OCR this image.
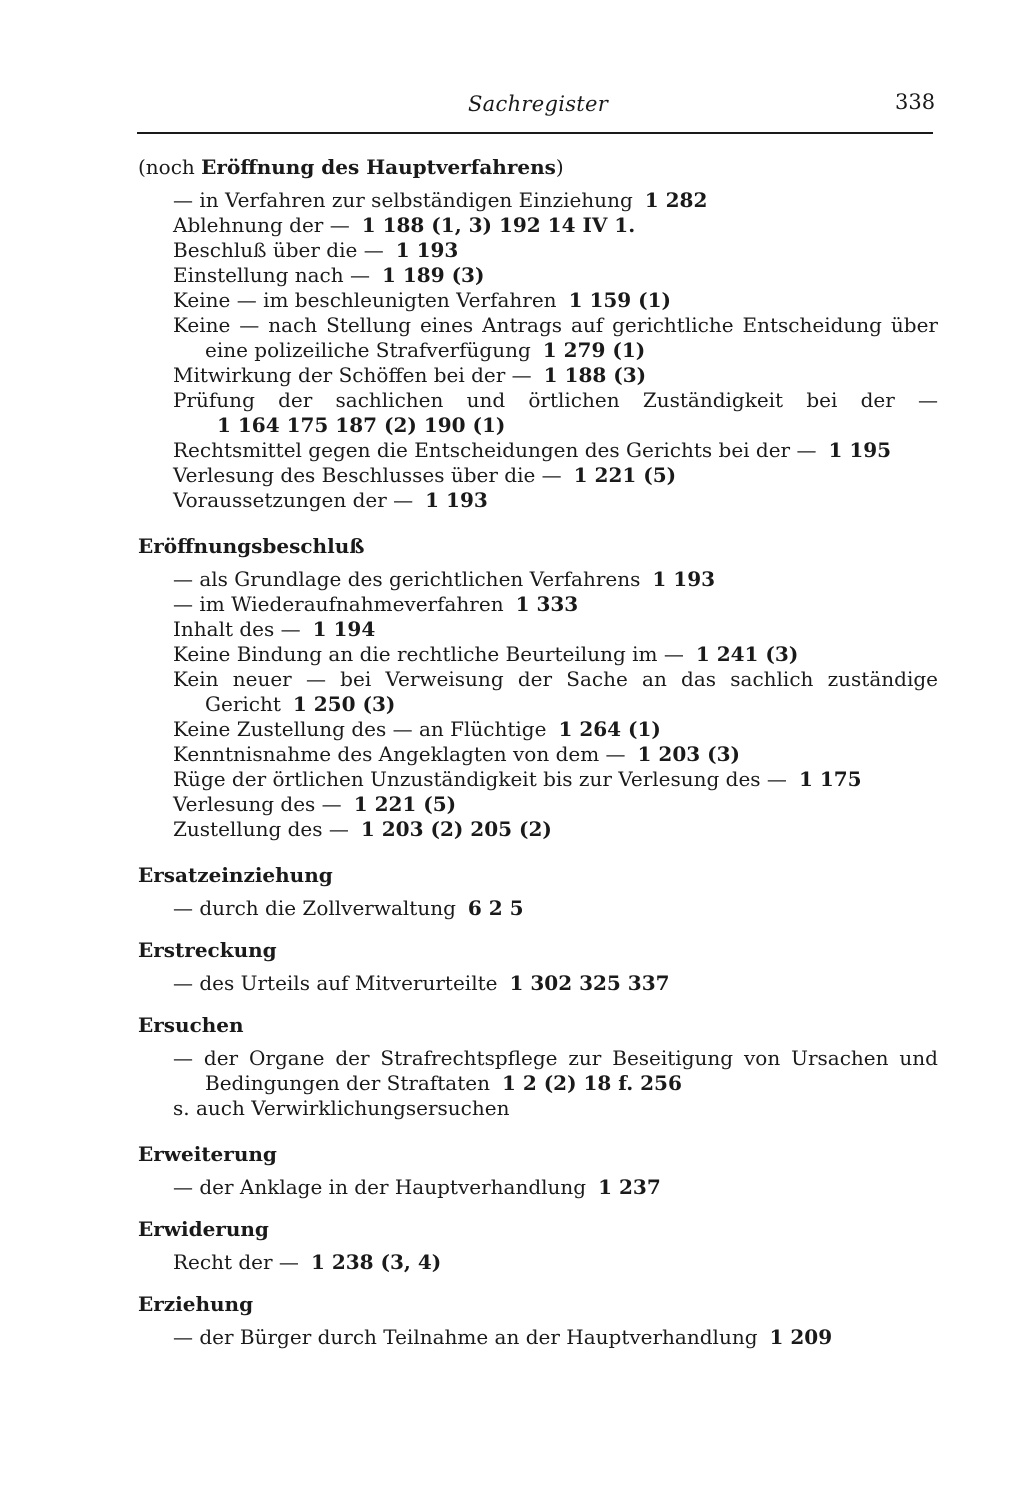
Sachregister	338
(noch Eröffnung des Hauptverfahrens)
— in Verfahren zur selbständigen Einziehung 1 282
Ablehnung der — 1 188 (1, 3) 192 14 IV 1.
Beschluß über die — 1 193
Einstellung nach — 1 189 (3)
Keine — im beschleunigten Verfahren 1 159 (1)
Keine — nach Stellung eines Antrags auf gerichtliche Entscheidung über eine polizeiliche Strafverfügung 1 279 (1)
Mitwirkung der Schöffen bei der — 1 188 (3)
Prüfung der sachlichen und örtlichen Zuständigkeit bei der —1 164 175 187 (2) 190 (1)
Rechtsmittel gegen die Entscheidungen des Gerichts bei der — 1 195
Verlesung des Beschlusses über die — 1 221 (5)
Voraussetzungen der — 1 193
Eröffnungsbeschluß
— als Grundlage des gerichtlichen Verfahrens 1 193
— im Wiederaufnahmeverfahren 1 333
Inhalt des — 1 194
Keine Bindung an die rechtliche Beurteilung im — 1 241 (3)
Kein neuer — bei Verweisung der Sache an das sachlich zuständige Gericht 1 250 (3)
Keine Zustellung des — an Flüchtige 1 264 (1)
Kenntnisnahme des Angeklagten von dem — 1 203 (3)
Rüge der örtlichen Unzuständigkeit bis zur Verlesung des — 1 175
Verlesung des — 1 221 (5)
Zustellung des — 1 203 (2) 205 (2)
Ersatzeinziehung
— durch die Zollverwaltung 6 2 5
Erstreckung
— des Urteils auf Mitverurteilte 1 302 325 337
Ersuchen
— der Organe der Strafrechtspflege zur Beseitigung von Ursachen und Bedingungen der Straftaten 1 2 (2) 18 f. 256
s. auch Verwirklichungsersuchen
Erweiterung
— der Anklage in der Hauptverhandlung 1 237
Erwiderung
Recht der — 1 238 (3, 4)
Erziehung
— der Bürger durch Teilnahme an der Hauptverhandlung 1 209
